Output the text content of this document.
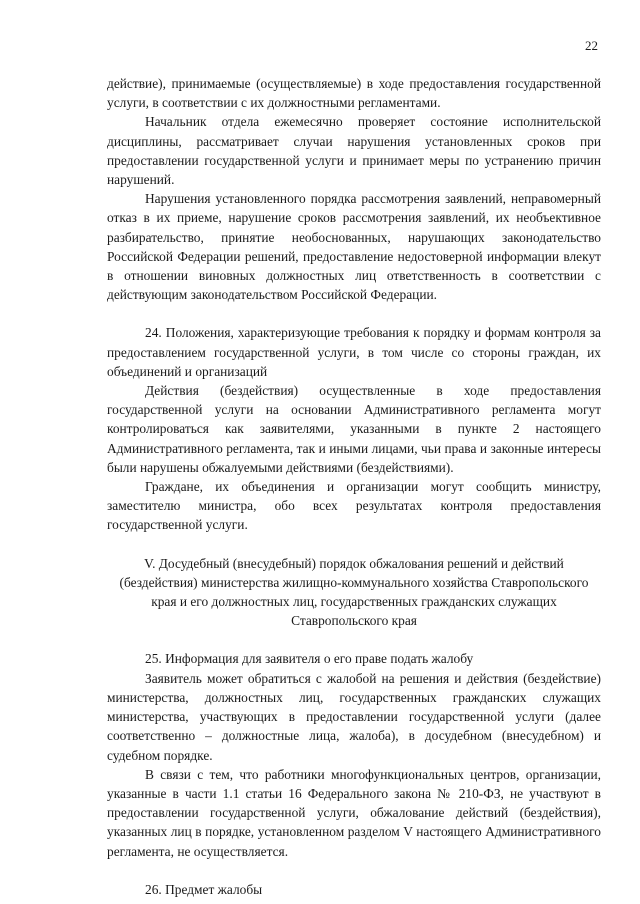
22

действие), принимаемые (осуществляемые) в ходе предоставления государственной услуги, в соответствии с их должностными регламентами.

Начальник отдела ежемесячно проверяет состояние исполнительской дисциплины, рассматривает случаи нарушения установленных сроков при предоставлении государственной услуги и принимает меры по устранению причин нарушений.

Нарушения установленного порядка рассмотрения заявлений, неправомерный отказ в их приеме, нарушение сроков рассмотрения заявлений, их необъективное разбирательство, принятие необоснованных, нарушающих законодательство Российской Федерации решений, предоставление недостоверной информации влекут в отношении виновных должностных лиц ответственность в соответствии с действующим законодательством Российской Федерации.

24. Положения, характеризующие требования к порядку и формам контроля за предоставлением государственной услуги, в том числе со стороны граждан, их объединений и организаций

Действия (бездействия) осуществленные в ходе предоставления государственной услуги на основании Административного регламента могут контролироваться как заявителями, указанными в пункте 2 настоящего Административного регламента, так и иными лицами, чьи права и законные интересы были нарушены обжалуемыми действиями (бездействиями).

Граждане, их объединения и организации могут сообщить министру, заместителю министра, обо всех результатах контроля предоставления государственной услуги.

V. Досудебный (внесудебный) порядок обжалования решений и действий (бездействия) министерства жилищно-коммунального хозяйства Ставропольского края и его должностных лиц, государственных гражданских служащих Ставропольского края

25. Информация для заявителя о его праве подать жалобу

Заявитель может обратиться с жалобой на решения и действия (бездействие) министерства, должностных лиц, государственных гражданских служащих министерства, участвующих в предоставлении государственной услуги (далее соответственно – должностные лица, жалоба), в досудебном (внесудебном) и судебном порядке.

В связи с тем, что работники многофункциональных центров, организации, указанные в части 1.1 статьи 16 Федерального закона № 210-ФЗ, не участвуют в предоставлении государственной услуги, обжалование действий (бездействия), указанных лиц в порядке, установленном разделом V настоящего Административного регламента, не осуществляется.

26. Предмет жалобы
